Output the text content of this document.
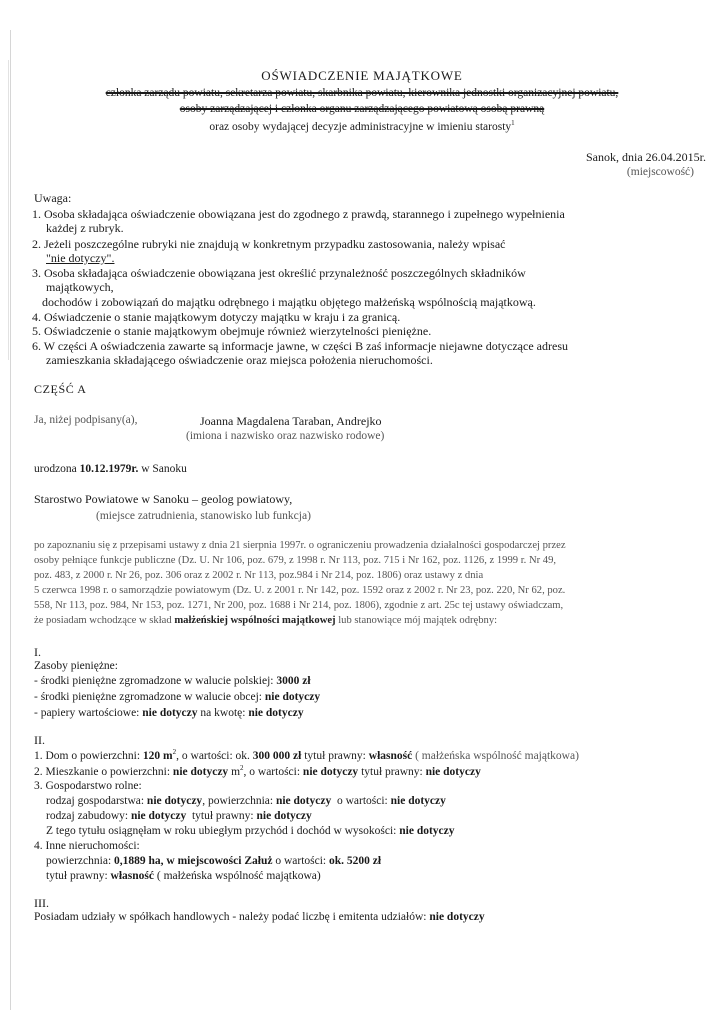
OŚWIADCZENIE MAJĄTKOWE
członka zarządu powiatu, sekretarza powiatu, skarbnika powiatu, kierownika jednostki organizacyjnej powiatu,
osoby zarządzającej i członka organu zarządzającego powiatową osobą prawną
oraz osoby wydającej decyzje administracyjne w imieniu starosty$^1$
Sanok, dnia 26.04.2015r.
(miejscowość)
Uwaga:
1. Osoba składająca oświadczenie obowiązana jest do zgodnego z prawdą, starannego i zupełnego wypełnienia
każdej z rubryk.
2. Jeżeli poszczególne rubryki nie znajdują w konkretnym przypadku zastosowania, należy wpisać
"nie dotyczy".
3. Osoba składająca oświadczenie obowiązana jest określić przynależność poszczególnych składników
majątkowych,
dochodów i zobowiązań do majątku odrębnego i majątku objętego małżeńską wspólnością majątkową.
4. Oświadczenie o stanie majątkowym dotyczy majątku w kraju i za granicą.
5. Oświadczenie o stanie majątkowym obejmuje również wierzytelności pieniężne.
6. W części A oświadczenia zawarte są informacje jawne, w części B zaś informacje niejawne dotyczące adresu
zamieszkania składającego oświadczenie oraz miejsca położenia nieruchomości.
CZĘŚĆ A
Ja, niżej podpisany(a),	Joanna Magdalena Taraban, Andrejko
(imiona i nazwisko oraz nazwisko rodowe)
urodzona 10.12.1979r. w Sanoku
Starostwo Powiatowe w Sanoku – geolog powiatowy,
(miejsce zatrudnienia, stanowisko lub funkcja)
po zapoznaniu się z przepisami ustawy z dnia 21 sierpnia 1997r. o ograniczeniu prowadzenia działalności gospodarczej przez
osoby pełniące funkcje publiczne (Dz. U. Nr 106, poz. 679, z 1998 r. Nr 113, poz. 715 i Nr 162, poz. 1126, z 1999 r. Nr 49,
poz. 483, z 2000 r. Nr 26, poz. 306 oraz z 2002 r. Nr 113, poz.984 i Nr 214, poz. 1806) oraz ustawy z dnia
5 czerwca 1998 r. o samorządzie powiatowym (Dz. U. z 2001 r. Nr 142, poz. 1592 oraz z 2002 r. Nr 23, poz. 220, Nr 62, poz.
558, Nr 113, poz. 984, Nr 153, poz. 1271, Nr 200, poz. 1688 i Nr 214, poz. 1806), zgodnie z art. 25c tej ustawy oświadczam,
że posiadam wchodzące w skład małżeńskiej wspólności majątkowej lub stanowiące mój majątek odrębny:
I.
Zasoby pieniężne:
- środki pieniężne zgromadzone w walucie polskiej: 3000 zł
- środki pieniężne zgromadzone w walucie obcej: nie dotyczy
- papiery wartościowe: nie dotyczy na kwotę: nie dotyczy
II.
1. Dom o powierzchni: 120 $m^2$, o wartości: ok. 300 000 zł tytuł prawny: własność ( małżeńska wspólność majątkowa)
2. Mieszkanie o powierzchni: nie dotyczy $m^2$, o wartości: nie dotyczy tytuł prawny: nie dotyczy
3. Gospodarstwo rolne:
rodzaj gospodarstwa: nie dotyczy, powierzchnia: nie dotyczy o wartości: nie dotyczy
rodzaj zabudowy: nie dotyczy tytuł prawny: nie dotyczy
Z tego tytułu osiągnęłam w roku ubiegłym przychód i dochód w wysokości: nie dotyczy
4. Inne nieruchomości:
powierzchnia: 0,1889 ha, w miejscowości Załuż o wartości: ok. 5200 zł
tytuł prawny: własność ( małżeńska wspólność majątkowa)
III.
Posiadam udziały w spółkach handlowych - należy podać liczbę i emitenta udziałów: nie dotyczy
